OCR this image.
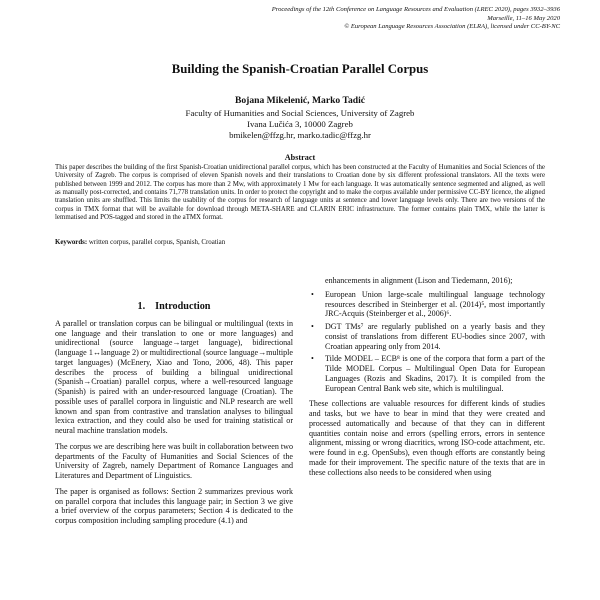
Proceedings of the 12th Conference on Language Resources and Evaluation (LREC 2020), pages 3932–3936
Marseille, 11–16 May 2020
© European Language Resources Association (ELRA), licensed under CC-BY-NC
Building the Spanish-Croatian Parallel Corpus
Bojana Mikelenić, Marko Tadić
Faculty of Humanities and Social Sciences, University of Zagreb
Ivana Lučića 3, 10000 Zagreb
bmikelen@ffzg.hr, marko.tadic@ffzg.hr
Abstract
This paper describes the building of the first Spanish-Croatian unidirectional parallel corpus, which has been constructed at the Faculty of Humanities and Social Sciences of the University of Zagreb. The corpus is comprised of eleven Spanish novels and their translations to Croatian done by six different professional translators. All the texts were published between 1999 and 2012. The corpus has more than 2 Mw, with approximately 1 Mw for each language. It was automatically sentence segmented and aligned, as well as manually post-corrected, and contains 71,778 translation units. In order to protect the copyright and to make the corpus available under permissive CC-BY licence, the aligned translation units are shuffled. This limits the usability of the corpus for research of language units at sentence and lower language levels only. There are two versions of the corpus in TMX format that will be available for download through META-SHARE and CLARIN ERIC infrastructure. The former contains plain TMX, while the latter is lemmatised and POS-tagged and stored in the aTMX format.
Keywords: written corpus, parallel corpus, Spanish, Croatian
1. Introduction
A parallel or translation corpus can be bilingual or multilingual (texts in one language and their translation to one or more languages) and unidirectional (source language→target language), bidirectional (language 1↔language 2) or multidirectional (source language→multiple target languages) (McEnery, Xiao and Tono, 2006, 48). This paper describes the process of building a bilingual unidirectional (Spanish→Croatian) parallel corpus, where a well-resourced language (Spanish) is paired with an under-resourced language (Croatian). The possible uses of parallel corpora in linguistic and NLP research are well known and span from contrastive and translation analyses to bilingual lexica extraction, and they could also be used for training statistical or neural machine translation models.
The corpus we are describing here was built in collaboration between two departments of the Faculty of Humanities and Social Sciences of the University of Zagreb, namely Department of Romance Languages and Literatures and Department of Linguistics.
The paper is organised as follows: Section 2 summarizes previous work on parallel corpora that includes this language pair; in Section 3 we give a brief overview of the corpus parameters; Section 4 is dedicated to the corpus composition including sampling procedure (4.1) and
enhancements in alignment (Lison and Tiedemann, 2016);
• European Union large-scale multilingual language technology resources described in Steinberger et al. (2014)⁵, most importantly JRC-Acquis (Steinberger et al., 2006)⁶.
• DGT TMs⁷ are regularly published on a yearly basis and they consist of translations from different EU-bodies since 2007, with Croatian appearing only from 2014.
• Tilde MODEL – ECB⁸ is one of the corpora that form a part of the Tilde MODEL Corpus – Multilingual Open Data for European Languages (Rozis and Skadins, 2017). It is compiled from the European Central Bank web site, which is multilingual.
These collections are valuable resources for different kinds of studies and tasks, but we have to bear in mind that they were created and processed automatically and because of that they can in different quantities contain noise and errors (spelling errors, errors in sentence alignment, missing or wrong diacritics, wrong ISO-code attachment, etc. were found in e.g. OpenSubs), even though efforts are constantly being made for their improvement. The specific nature of the texts that are in these collections also needs to be considered when using
